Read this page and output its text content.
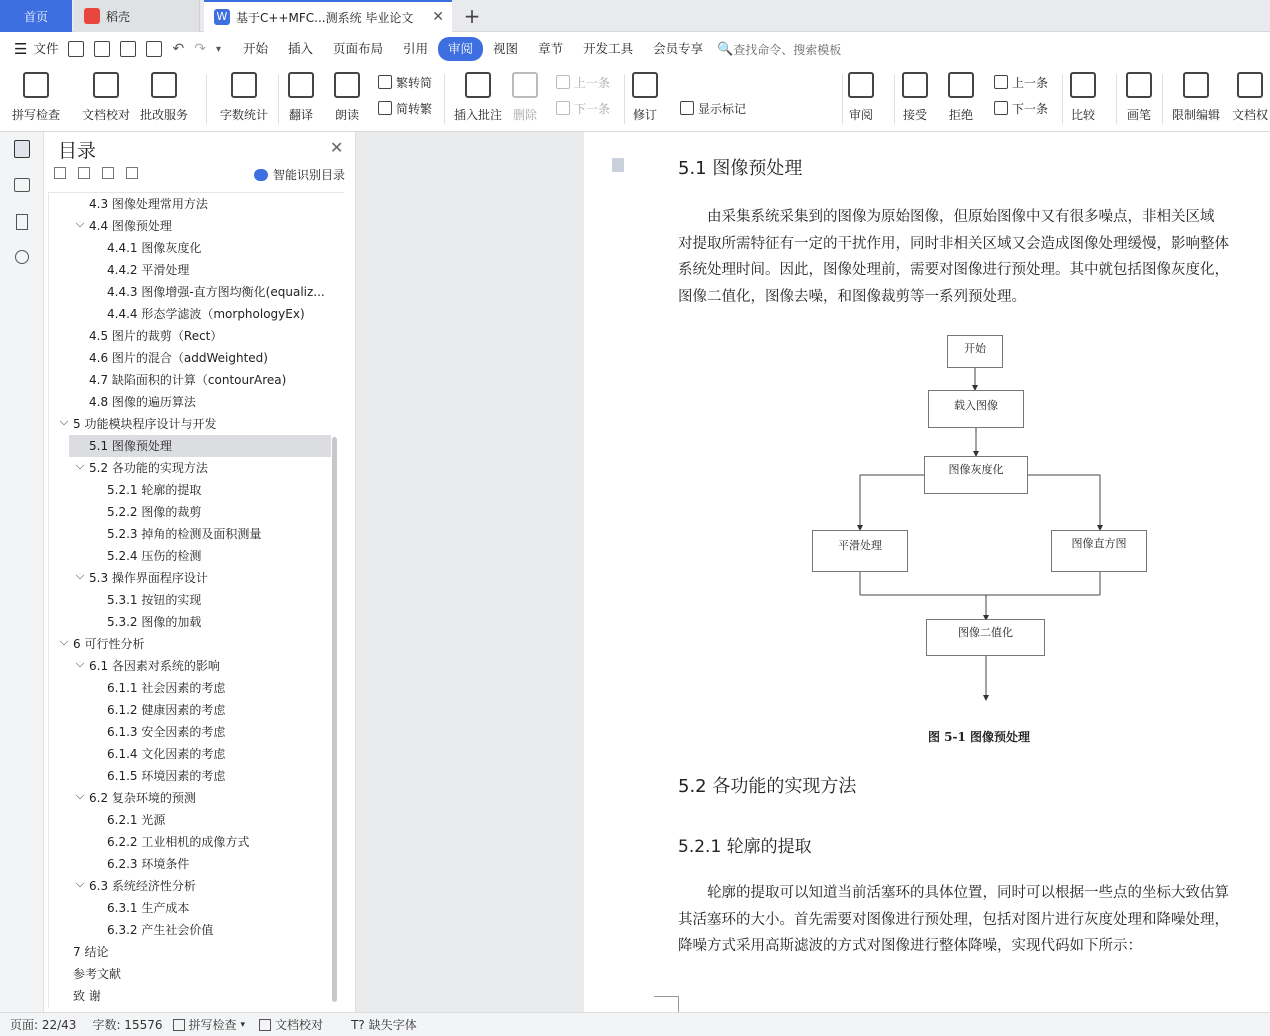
首页	稻壳	W 基于C++MFC...测系统 毕业论文 ✕ +
☰ 文件	↶ ↷ ▾	开始	插入	页面布局	引用	审阅	视图	章节	开发工具	会员专享	🔍 查找命令、搜索模板
拼写检查 文档校对 批改服务	字数统计 翻译 朗读
繁转简
简转繁 插入批注 删除
上一条
下一条 修订	显示标记	审阅 接受 拒绝
上一条
下一条 比较	画笔 限制编辑 文档权
目录	✕
智能识别目录
4.3 图像处理常用方法
4.4 图像预处理
4.4.1 图像灰度化
4.4.2 平滑处理
4.4.3 图像增强-直方图均衡化(equaliz...
4.4.4 形态学滤波（morphologyEx)
4.5 图片的裁剪（Rect）
4.6 图片的混合（addWeighted)
4.7 缺陷面积的计算（contourArea)
4.8 图像的遍历算法
5 功能模块程序设计与开发
5.1 图像预处理
5.2 各功能的实现方法
5.2.1 轮廓的提取
5.2.2 图像的裁剪
5.2.3 掉角的检测及面积测量
5.2.4 压伤的检测
5.3 操作界面程序设计
5.3.1 按钮的实现
5.3.2 图像的加载
6 可行性分析
6.1 各因素对系统的影响
6.1.1 社会因素的考虑
6.1.2 健康因素的考虑
6.1.3 安全因素的考虑
6.1.4 文化因素的考虑
6.1.5 环境因素的考虑
6.2 复杂环境的预测
6.2.1 光源
6.2.2 工业相机的成像方式
6.2.3 环境条件
6.3 系统经济性分析
6.3.1 生产成本
6.3.2 产生社会价值
7 结论
参考文献
致 谢
5.1 图像预处理
由采集系统采集到的图像为原始图像，但原始图像中又有很多噪点，非相关区域
对提取所需特征有一定的干扰作用，同时非相关区域又会造成图像处理缓慢，影响整体
系统处理时间。因此，图像处理前，需要对图像进行预处理。其中就包括图像灰度化，
图像二值化，图像去噪，和图像裁剪等一系列预处理。
开始
载入图像
图像灰度化
平滑处理	图像直方图
图像二值化
图 5-1 图像预处理
5.2 各功能的实现方法
5.2.1 轮廓的提取
轮廓的提取可以知道当前活塞环的具体位置，同时可以根据一些点的坐标大致估算
其活塞环的大小。首先需要对图像进行预处理，包括对图片进行灰度处理和降噪处理，
降噪方式采用高斯滤波的方式对图像进行整体降噪，实现代码如下所示：
页面: 22/43 字数: 15576 拼写检查 ▾	文档校对 T? 缺失字体
